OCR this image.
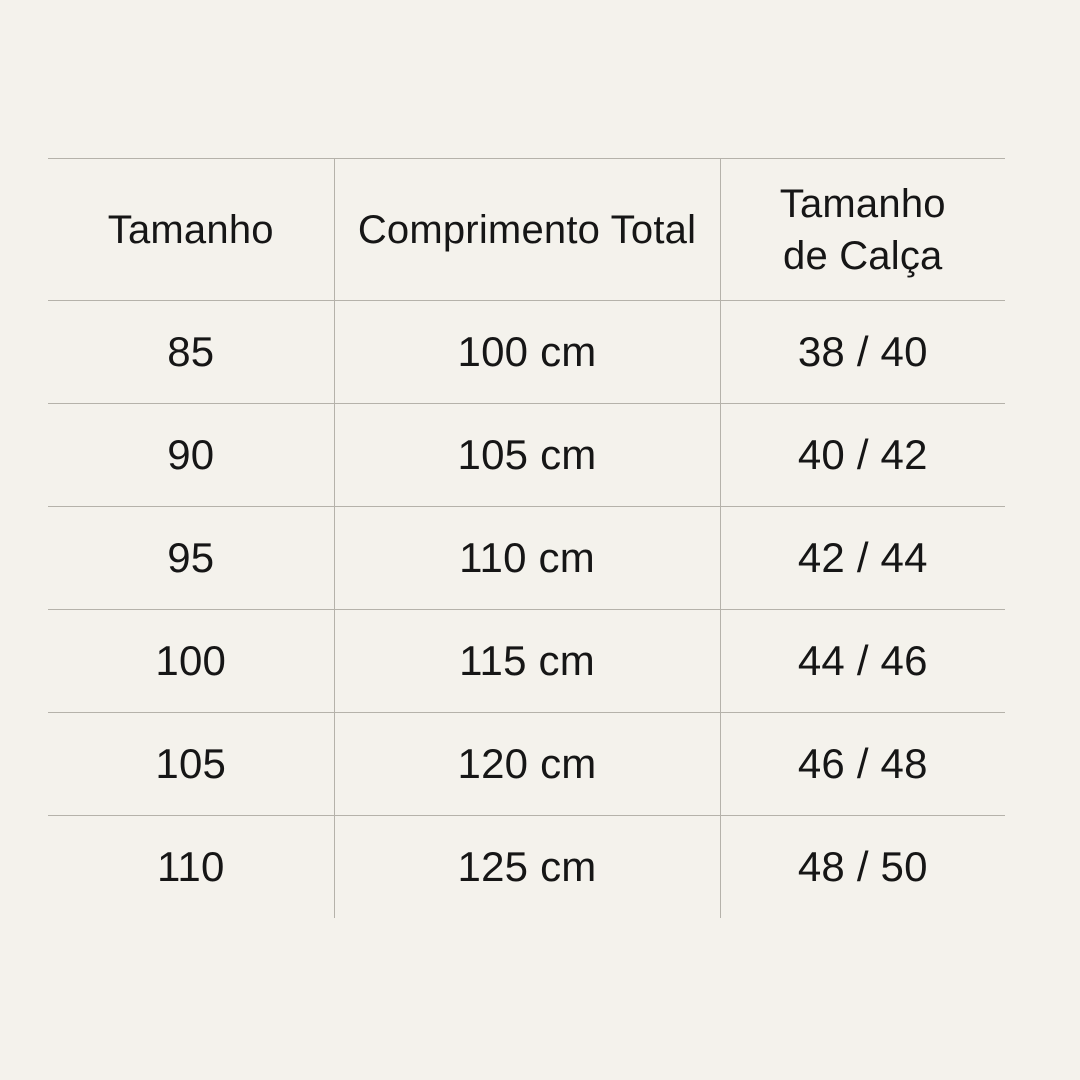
Tamanho	Comprimento Total	Tamanho de Calça
85	100 cm	38 / 40
90	105 cm	40 / 42
95	110 cm	42 / 44
100	115 cm	44 / 46
105	120 cm	46 / 48
110	125 cm	48 / 50
